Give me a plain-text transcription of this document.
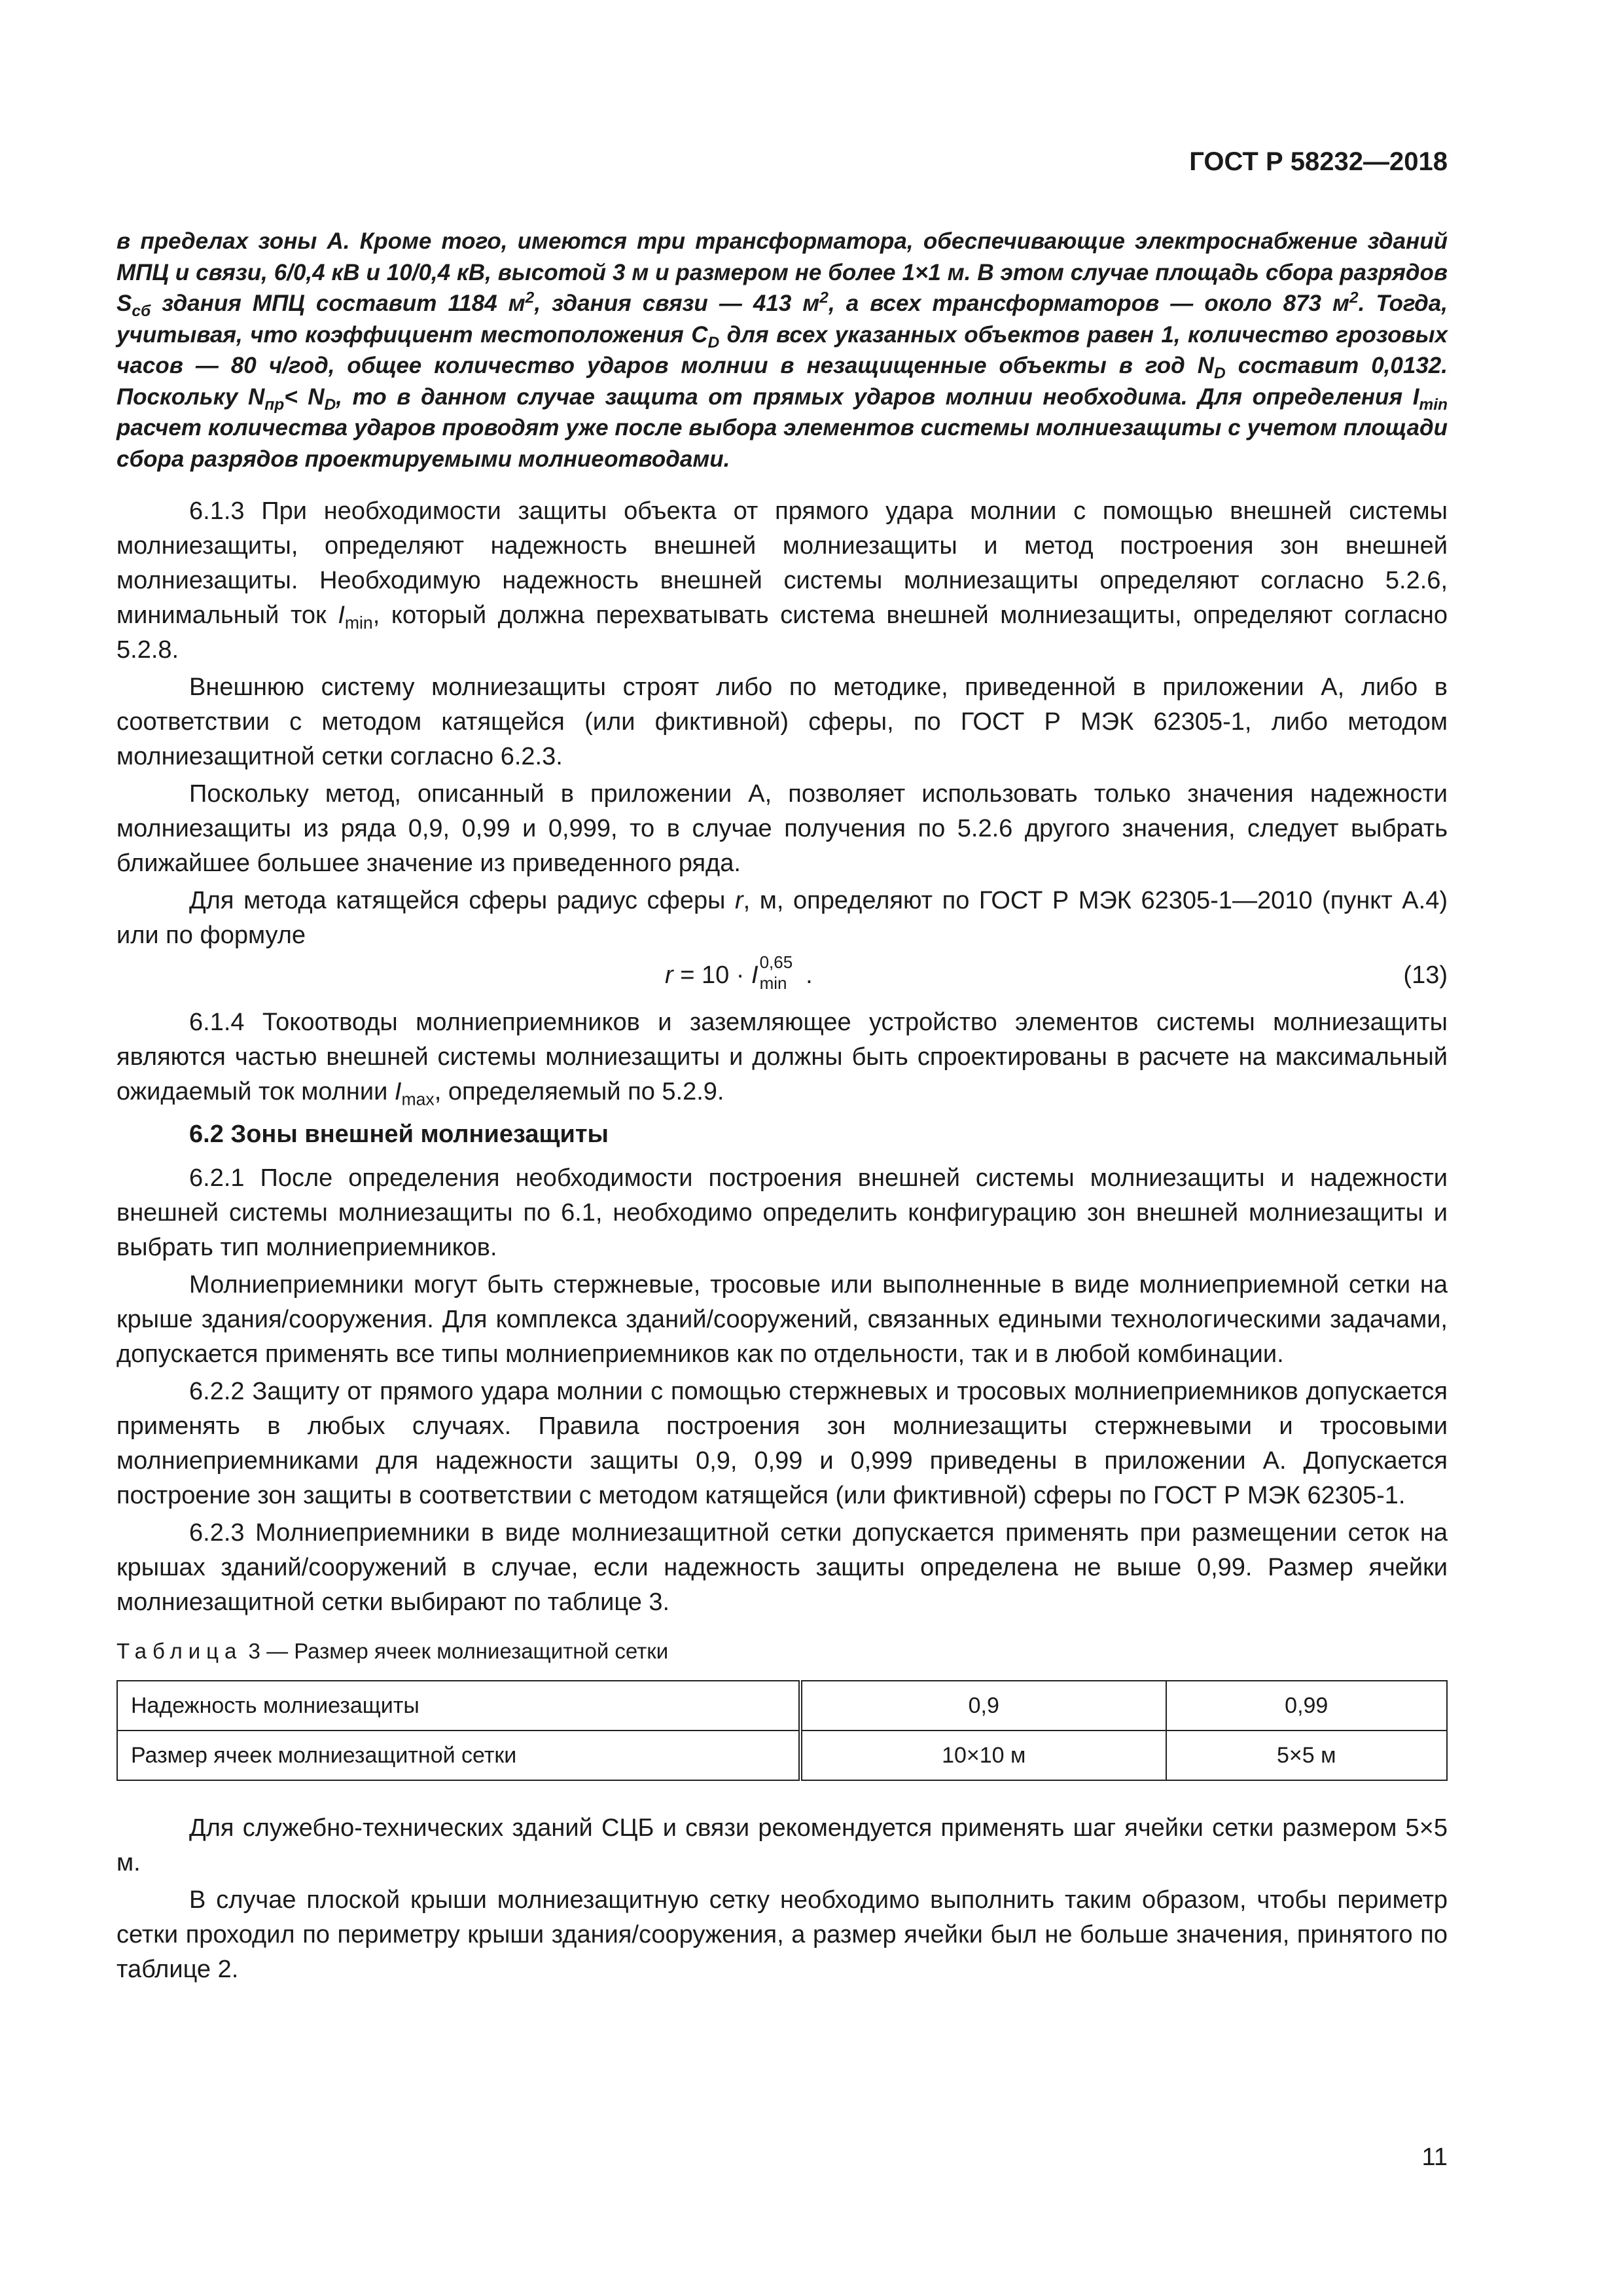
ГОСТ Р 58232—2018

в пределах зоны А. Кроме того, имеются три трансформатора, обеспечивающие электроснабжение зданий МПЦ и связи, 6/0,4 кВ и 10/0,4 кВ, высотой 3 м и размером не более 1×1 м. В этом случае площадь сбора разрядов $S_{сб}$ здания МПЦ составит 1184 $м^2$, здания связи — 413 $м^2$, а всех трансформаторов — около 873 $м^2$. Тогда, учитывая, что коэффициент местоположения $C_D$ для всех указанных объектов равен 1, количество грозовых часов — 80 ч/год, общее количество ударов молнии в незащищенные объекты в год $N_D$ составит 0,0132. Поскольку $N_{пр}< N_D$, то в данном случае защита от прямых ударов молнии необходима. Для определения $I_{min}$ расчет количества ударов проводят уже после выбора элементов системы молниезащиты с учетом площади сбора разрядов проектируемыми молниеотводами.

6.1.3 При необходимости защиты объекта от прямого удара молнии с помощью внешней системы молниезащиты, определяют надежность внешней молниезащиты и метод построения зон внешней молниезащиты. Необходимую надежность внешней системы молниезащиты определяют согласно 5.2.6, минимальный ток $I_{min}$, который должна перехватывать система внешней молниезащиты, определяют согласно 5.2.8.

Внешнюю систему молниезащиты строят либо по методике, приведенной в приложении А, либо в соответствии с методом катящейся (или фиктивной) сферы, по ГОСТ Р МЭК 62305-1, либо методом молниезащитной сетки согласно 6.2.3.

Поскольку метод, описанный в приложении А, позволяет использовать только значения надежности молниезащиты из ряда 0,9, 0,99 и 0,999, то в случае получения по 5.2.6 другого значения, следует выбрать ближайшее большее значение из приведенного ряда.

Для метода катящейся сферы радиус сферы r, м, определяют по ГОСТ Р МЭК 62305-1—2010 (пункт А.4) или по формуле

r = 10 · I 0,65
min .	(13)

6.1.4 Токоотводы молниеприемников и заземляющее устройство элементов системы молниезащиты являются частью внешней системы молниезащиты и должны быть спроектированы в расчете на максимальный ожидаемый ток молнии $I_{max}$, определяемый по 5.2.9.

6.2 Зоны внешней молниезащиты

6.2.1 После определения необходимости построения внешней системы молниезащиты и надежности внешней системы молниезащиты по 6.1, необходимо определить конфигурацию зон внешней молниезащиты и выбрать тип молниеприемников.

Молниеприемники могут быть стержневые, тросовые или выполненные в виде молниеприемной сетки на крыше здания/сооружения. Для комплекса зданий/сооружений, связанных едиными технологическими задачами, допускается применять все типы молниеприемников как по отдельности, так и в любой комбинации.

6.2.2 Защиту от прямого удара молнии с помощью стержневых и тросовых молниеприемников допускается применять в любых случаях. Правила построения зон молниезащиты стержневыми и тросовыми молниеприемниками для надежности защиты 0,9, 0,99 и 0,999 приведены в приложении А. Допускается построение зон защиты в соответствии с методом катящейся (или фиктивной) сферы по ГОСТ Р МЭК 62305-1.

6.2.3 Молниеприемники в виде молниезащитной сетки допускается применять при размещении сеток на крышах зданий/сооружений в случае, если надежность защиты определена не выше 0,99. Размер ячейки молниезащитной сетки выбирают по таблице 3.

Таблица 3 — Размер ячеек молниезащитной сетки
Надежность молниезащиты	0,9	0,99
Размер ячеек молниезащитной сетки	10×10 м	5×5 м

Для служебно-технических зданий СЦБ и связи рекомендуется применять шаг ячейки сетки размером 5×5 м.

В случае плоской крыши молниезащитную сетку необходимо выполнить таким образом, чтобы периметр сетки проходил по периметру крыши здания/сооружения, а размер ячейки был не больше значения, принятого по таблице 2.

11
